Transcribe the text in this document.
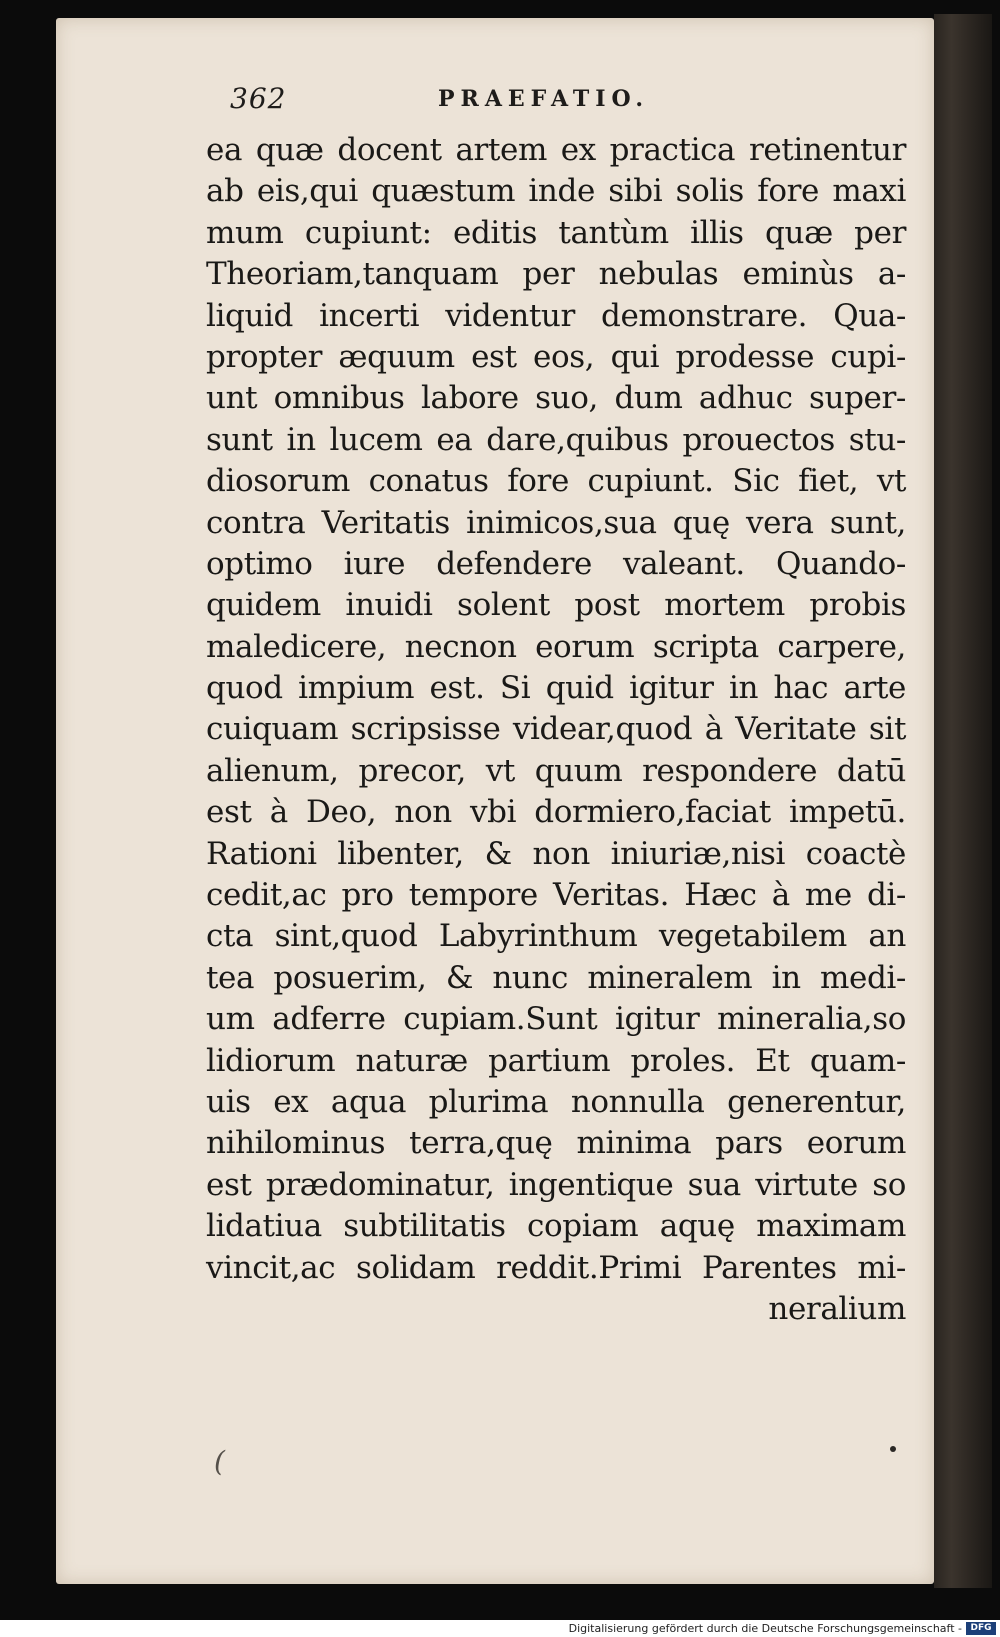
362	PRAEFATIO.
ea quæ docent artem ex practica retinentur
ab eis,qui quæstum inde sibi solis fore maxi
mum cupiunt: editis tantùm illis quæ per
Theoriam,tanquam per nebulas eminùs a-
liquid incerti videntur demonstrare. Qua-
propter æquum est eos, qui prodesse cupi-
unt omnibus labore suo, dum adhuc super-
sunt in lucem ea dare,quibus prouectos stu-
diosorum conatus fore cupiunt. Sic fiet, vt
contra Veritatis inimicos,sua quę vera sunt,
optimo iure defendere valeant. Quando-
quidem inuidi solent post mortem probis
maledicere, necnon eorum scripta carpere,
quod impium est. Si quid igitur in hac arte
cuiquam scripsisse videar,quod à Veritate sit
alienum, precor, vt quum respondere datū
est à Deo, non vbi dormiero,faciat impetū.
Rationi libenter, & non iniuriæ,nisi coactè
cedit,ac pro tempore Veritas. Hæc à me di-
cta sint,quod Labyrinthum vegetabilem an
tea posuerim, & nunc mineralem in medi-
um adferre cupiam.Sunt igitur mineralia,so
lidiorum naturæ partium proles. Et quam-
uis ex aqua plurima nonnulla generentur,
nihilominus terra,quę minima pars eorum
est prædominatur, ingentique sua virtute so
lidatiua subtilitatis copiam aquę maximam
vincit,ac solidam reddit.Primi Parentes mi-
neralium
(
Digitalisierung gefördert durch die Deutsche Forschungsgemeinschaft - DFG
